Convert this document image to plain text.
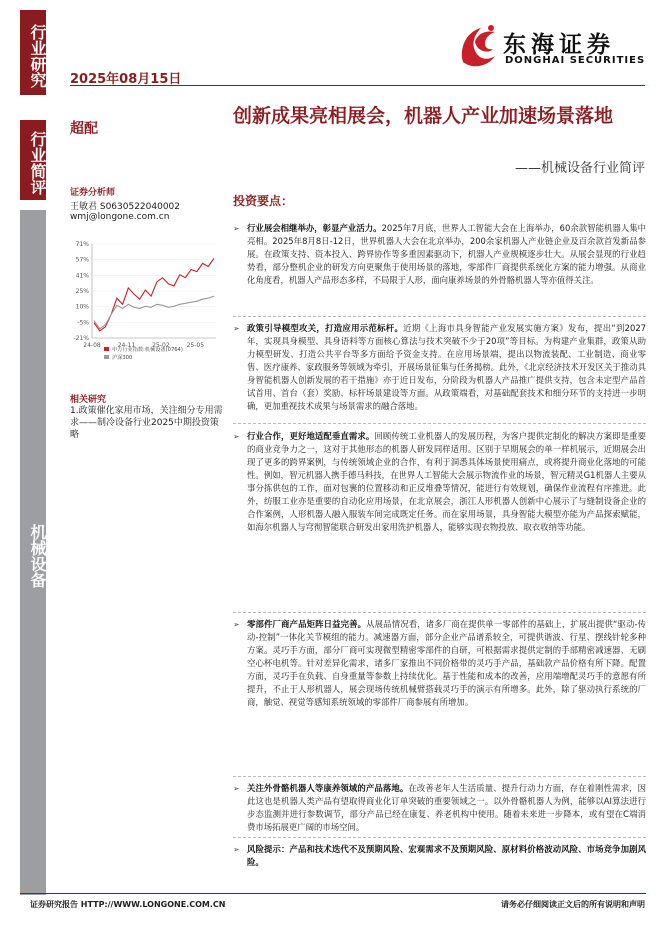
行业研究
行业简评
机械设备
东海证券
DONGHAI SECURITIES
2025年08月15日
超配
创新成果亮相展会，机器人产业加速场景落地
——机械设备行业简评
证券分析师
王敏君 S0630522040002
wmj@longone.com.cn
71%
57%
41%
25%
10%
-5%
-21%
24-08	24-11	25-02	25-05
申万行业指数:机械设备(0764)
沪深300
相关研究
1.政策催化家用市场，关注细分专用需求——制冷设备行业2025中期投资策略
投资要点：
➢ 行业展会相继举办，彰显产业活力。2025年7月底，世界人工智能大会在上海举办，60余款智能机器人集中亮相。2025年8月8日-12日，世界机器人大会在北京举办，200余家机器人产业链企业及百余款首发新品参展。在政策支持、资本投入、跨界协作等多重因素驱动下，机器人产业规模逐步壮大。从展会显现的行业趋势看，部分整机企业的研发方向更聚焦于使用场景的落地，零部件厂商提供系统化方案的能力增强。从商业化角度看，机器人产品形态多样，不局限于人形，面向康养场景的外骨骼机器人等亦值得关注。
➢ 政策引导模型攻关，打造应用示范标杆。近期《上海市具身智能产业发展实施方案》发布，提出“到2027年，实现具身模型、具身语料等方面核心算法与技术突破不少于20项”等目标。为构建产业集群，政策从助力模型研发、打造公共平台等多方面给予资金支持。在应用场景端，提出以物流装配、工业制造、商业零售、医疗康养、家政服务等领域为牵引，开展场景征集与任务揭榜。此外，《北京经济技术开发区关于推动具身智能机器人创新发展的若干措施》亦于近日发布，分阶段为机器人产品推广提供支持，包含未定型产品首试首用、首台（套）奖励、标杆场景建设等方面。从政策端看，对基础配套技术和细分环节的支持进一步明确，更加重视技术成果与场景需求的融合落地。
➢ 行业合作，更好地适配垂直需求。回顾传统工业机器人的发展历程，为客户提供定制化的解决方案即是重要的商业竞争力之一，这对于其他形态的机器人研发同样适用。区别于早期展会的单一样机展示，近期展会出现了更多的跨界案例，与传统领域企业的合作，有利于洞悉具体场景使用痛点，或将提升商业化落地的可能性。例如，智元机器人携手德马科技，在世界人工智能大会展示物流作业的场景，智元精灵G1机器人主要从事分拣供包的工作，面对包裹的位置移动和正反堆叠等情况，能进行有效规划，确保作业流程有序推进。此外，纺服工业亦是重要的自动化应用场景，在北京展会，浙江人形机器人创新中心展示了与缝制设备企业的合作案例，人形机器人融入服装车间完成既定任务。而在家用场景，具身智能大模型亦能为产品探索赋能，如海尔机器人与穹彻智能联合研发出家用洗护机器人，能够实现衣物投放、取衣收纳等功能。
➢ 零部件厂商产品矩阵日益完善。从展品情况看，诸多厂商在提供单一零部件的基础上，扩展出提供“驱动-传动-控制”一体化关节模组的能力。减速器方面，部分企业产品谱系较全，可提供谐波、行星、摆线针轮多种方案。灵巧手方面，部分厂商可实现微型精密零部件的自研，可根据需求提供定制的手部精密减速器、无刷空心杯电机等。针对差异化需求，诸多厂家推出不同价格带的灵巧手产品，基础款产品价格有所下降。配置方面，灵巧手在负载、自身重量等参数上持续优化。基于性能和成本的改善，应用端增配灵巧手的意愿有所提升，不止于人形机器人，展会现场传统机械臂搭载灵巧手的演示有所增多。此外，除了驱动执行系统的厂商，触觉、视觉等感知系统领域的零部件厂商参展有所增加。
➢ 关注外骨骼机器人等康养领域的产品落地。在改善老年人生活质量、提升行动力方面，存在着刚性需求，因此这也是机器人类产品有望取得商业化订单突破的重要领域之一。以外骨骼机器人为例，能够以AI算法进行步态监测并进行参数调节，部分产品已经在康复、养老机构中使用。随着未来进一步降本，或有望在C端消费市场拓展更广阔的市场空间。
➢ 风险提示：产品和技术迭代不及预期风险、宏观需求不及预期风险、原材料价格波动风险、市场竞争加剧风险。
证券研究报告 HTTP://WWW.LONGONE.COM.CN	请务必仔细阅读正文后的所有说明和声明
